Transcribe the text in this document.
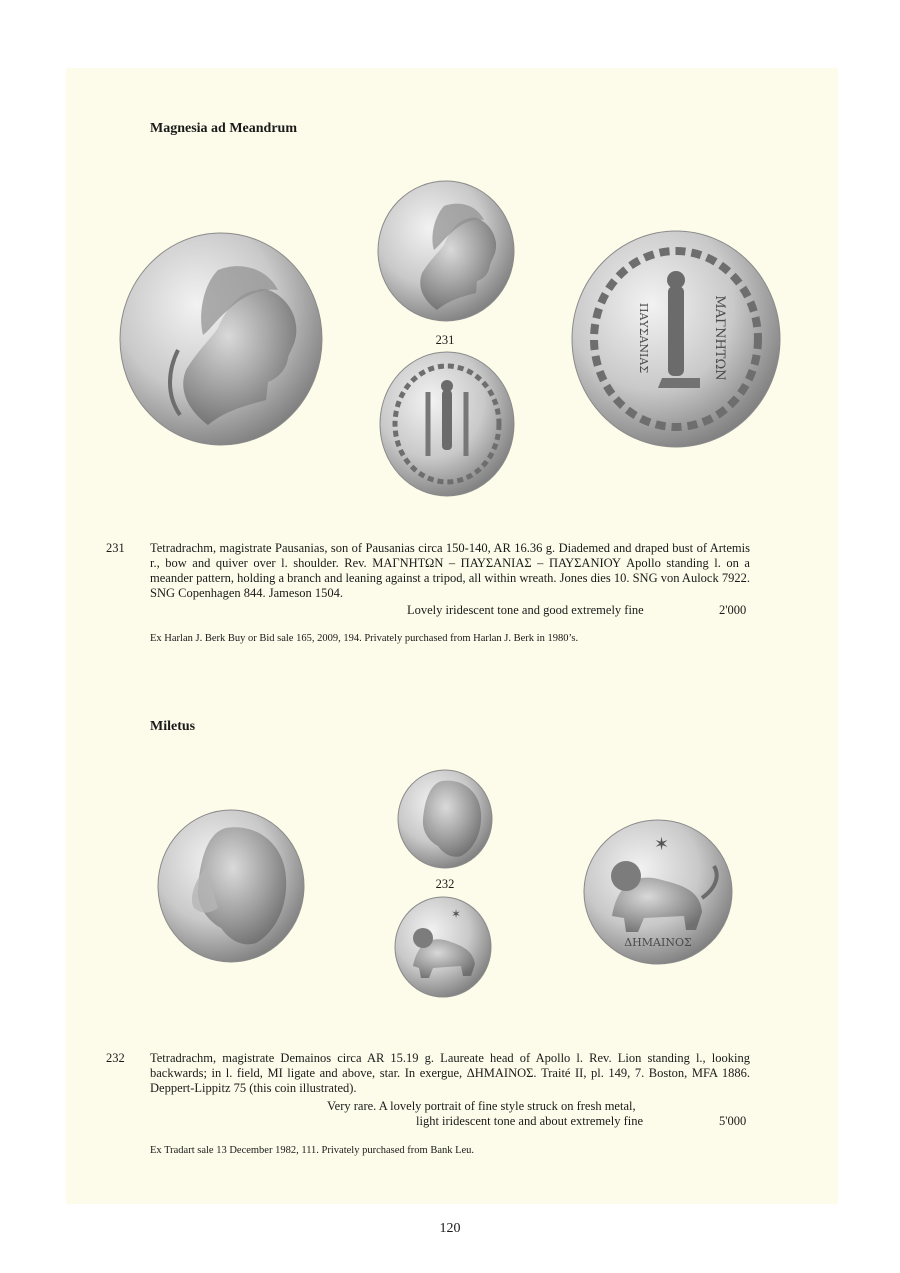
Magnesia ad Meandrum
231	ΜΑΓΝΗΤΩΝ
ΠΑΥΣΑΝΙΑΣ
231 Tetradrachm, magistrate Pausanias, son of Pausanias circa 150-140, AR 16.36 g. Diademed and draped bust of Artemis r., bow and quiver over l. shoulder. Rev. ΜΑΓΝΗΤΩΝ – ΠΑΥΣΑΝΙΑΣ – ΠΑΥΣΑΝΙΟΥ Apollo standing l. on a meander pattern, holding a branch and leaning against a tripod, all within wreath. Jones dies 10. SNG von Aulock 7922. SNG Copenhagen 844. Jameson 1504.
Lovely iridescent tone and good extremely fine	2'000
Ex Harlan J. Berk Buy or Bid sale 165, 2009, 194. Privately purchased from Harlan J. Berk in 1980’s.
Miletus
232
✶
✶
ΔΗΜΑΙΝΟΣ
232 Tetradrachm, magistrate Demainos circa AR 15.19 g. Laureate head of Apollo l. Rev. Lion standing l., looking backwards; in l. field, MI ligate and above, star. In exergue, ΔΗΜΑΙΝΟΣ. Traité II, pl. 149, 7. Boston, MFA 1886. Deppert-Lippitz 75 (this coin illustrated).
Very rare. A lovely portrait of fine style struck on fresh metal,
light iridescent tone and about extremely fine	5'000
Ex Tradart sale 13 December 1982, 111. Privately purchased from Bank Leu.
120
